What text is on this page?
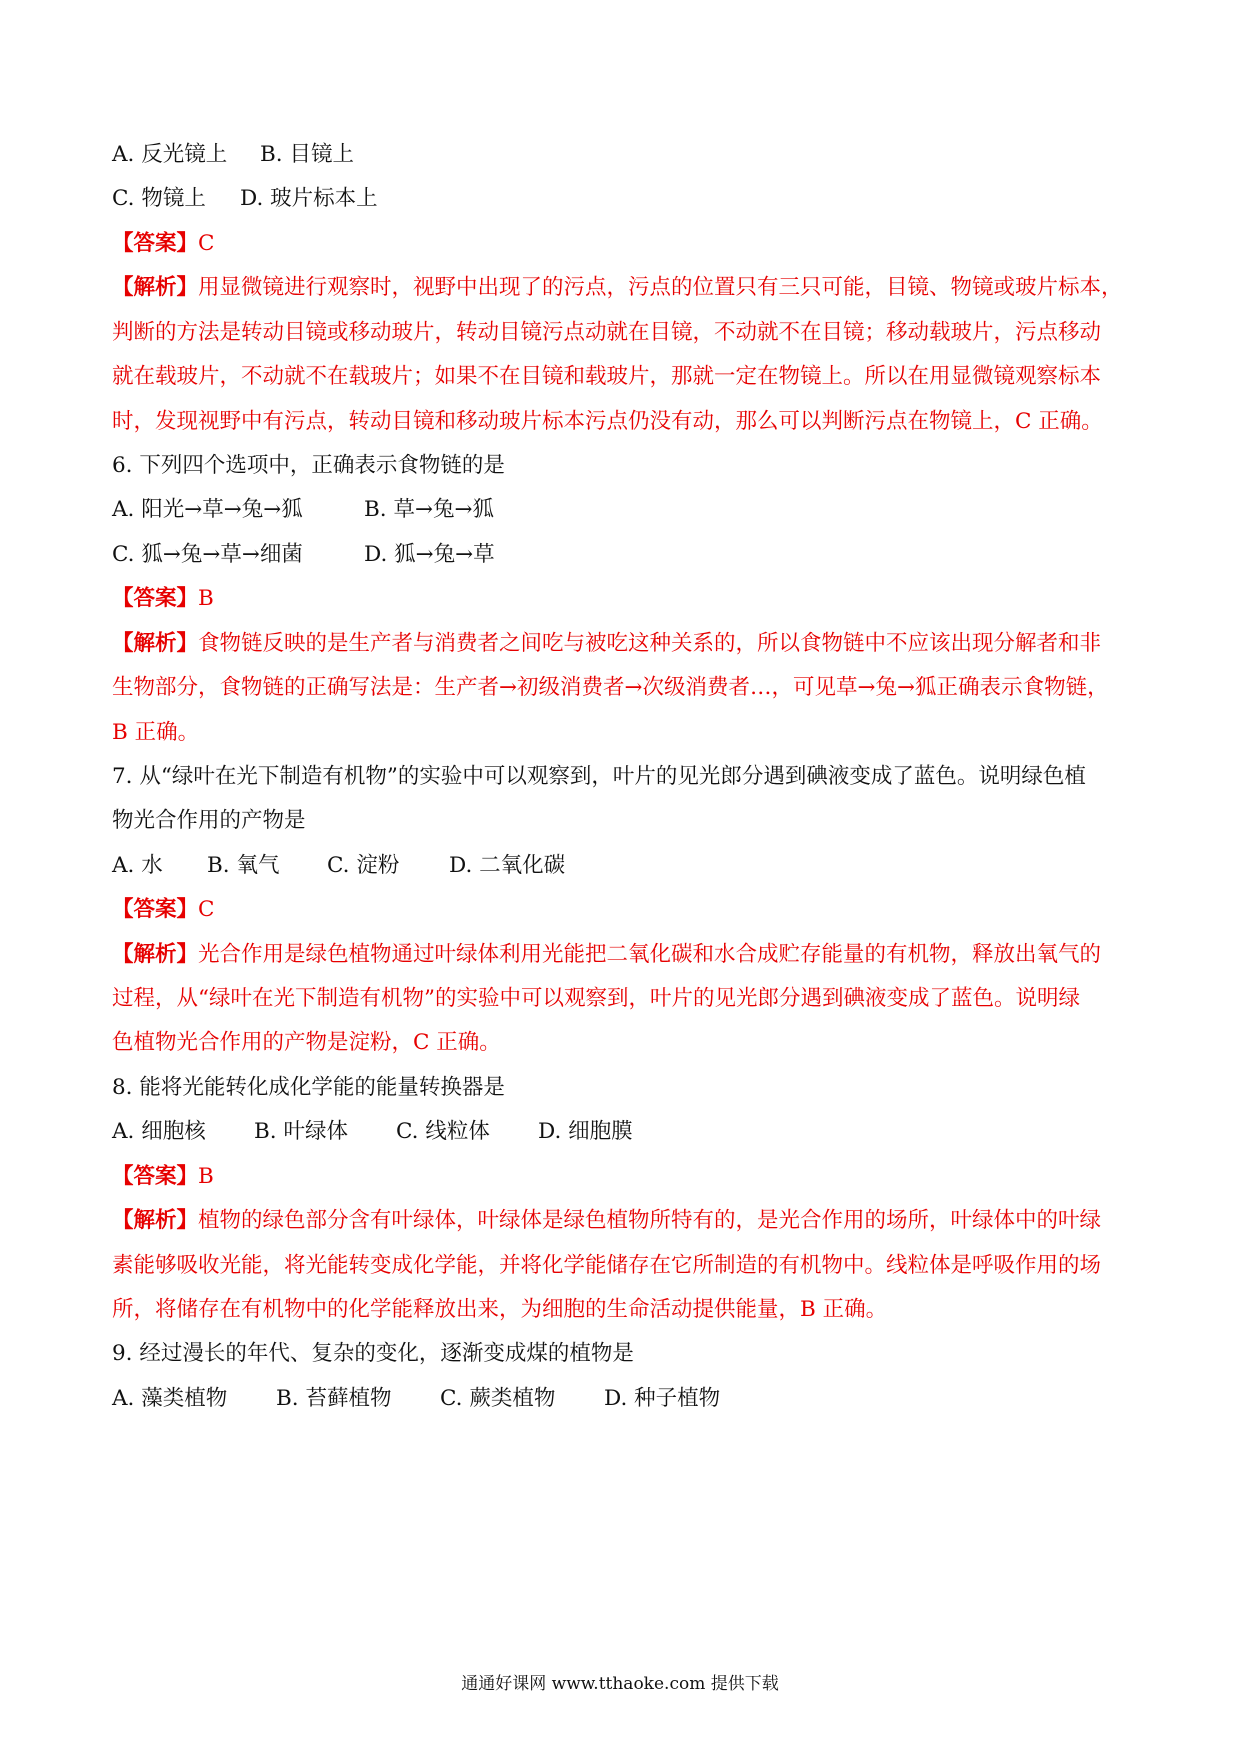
A. 反光镜上 B. 目镜上
C. 物镜上 D. 玻片标本上
【答案】C
【解析】用显微镜进行观察时，视野中出现了的污点，污点的位置只有三只可能，目镜、物镜或玻片标本，
判断的方法是转动目镜或移动玻片，转动目镜污点动就在目镜，不动就不在目镜；移动载玻片，污点移动
就在载玻片，不动就不在载玻片；如果不在目镜和载玻片，那就一定在物镜上。所以在用显微镜观察标本
时，发现视野中有污点，转动目镜和移动玻片标本污点仍没有动，那么可以判断污点在物镜上，C 正确。
6. 下列四个选项中，正确表示食物链的是
A. 阳光→草→兔→狐	B. 草→兔→狐
C. 狐→兔→草→细菌	D. 狐→兔→草
【答案】B
【解析】食物链反映的是生产者与消费者之间吃与被吃这种关系的，所以食物链中不应该出现分解者和非
生物部分，食物链的正确写法是：生产者→初级消费者→次级消费者…，可见草→兔→狐正确表示食物链，
B 正确。
7. 从“绿叶在光下制造有机物”的实验中可以观察到，叶片的见光郎分遇到碘液变成了蓝色。说明绿色植
物光合作用的产物是
A. 水 B. 氧气 C. 淀粉 D. 二氧化碳
【答案】C
【解析】光合作用是绿色植物通过叶绿体利用光能把二氧化碳和水合成贮存能量的有机物，释放出氧气的
过程，从“绿叶在光下制造有机物”的实验中可以观察到，叶片的见光郎分遇到碘液变成了蓝色。说明绿
色植物光合作用的产物是淀粉，C 正确。
8. 能将光能转化成化学能的能量转换器是
A. 细胞核 B. 叶绿体 C. 线粒体 D. 细胞膜
【答案】B
【解析】植物的绿色部分含有叶绿体，叶绿体是绿色植物所特有的，是光合作用的场所，叶绿体中的叶绿
素能够吸收光能，将光能转变成化学能，并将化学能储存在它所制造的有机物中。线粒体是呼吸作用的场
所，将储存在有机物中的化学能释放出来，为细胞的生命活动提供能量，B 正确。
9. 经过漫长的年代、复杂的变化，逐渐变成煤的植物是
A. 藻类植物 B. 苔藓植物 C. 蕨类植物 D. 种子植物
通通好课网 www.tthaoke.com 提供下载
